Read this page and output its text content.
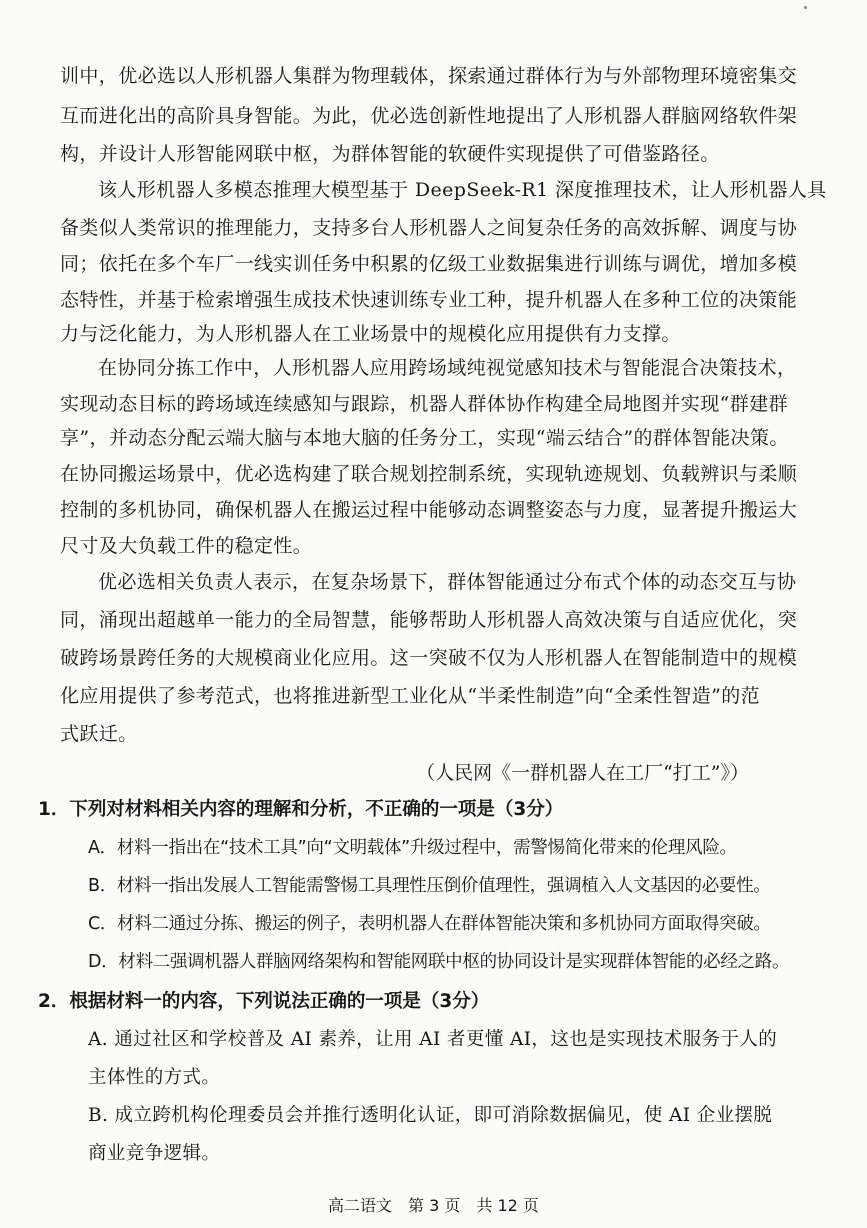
训中，优必选以人形机器人集群为物理载体，探索通过群体行为与外部物理环境密集交
互而进化出的高阶具身智能。为此，优必选创新性地提出了人形机器人群脑网络软件架
构，并设计人形智能网联中枢，为群体智能的软硬件实现提供了可借鉴路径。
该人形机器人多模态推理大模型基于 DeepSeek-R1 深度推理技术，让人形机器人具
备类似人类常识的推理能力，支持多台人形机器人之间复杂任务的高效拆解、调度与协
同；依托在多个车厂一线实训任务中积累的亿级工业数据集进行训练与调优，增加多模
态特性，并基于检索增强生成技术快速训练专业工种，提升机器人在多种工位的决策能
力与泛化能力，为人形机器人在工业场景中的规模化应用提供有力支撑。
在协同分拣工作中，人形机器人应用跨场域纯视觉感知技术与智能混合决策技术，
实现动态目标的跨场域连续感知与跟踪，机器人群体协作构建全局地图并实现“群建群
享”，并动态分配云端大脑与本地大脑的任务分工，实现“端云结合”的群体智能决策。
在协同搬运场景中，优必选构建了联合规划控制系统，实现轨迹规划、负载辨识与柔顺
控制的多机协同，确保机器人在搬运过程中能够动态调整姿态与力度，显著提升搬运大
尺寸及大负载工件的稳定性。
优必选相关负责人表示，在复杂场景下，群体智能通过分布式个体的动态交互与协
同，涌现出超越单一能力的全局智慧，能够帮助人形机器人高效决策与自适应优化，突
破跨场景跨任务的大规模商业化应用。这一突破不仅为人形机器人在智能制造中的规模
化应用提供了参考范式，也将推进新型工业化从“半柔性制造”向“全柔性智造”的范
式跃迁。
（人民网《一群机器人在工厂“打工”》）
1．下列对材料相关内容的理解和分析，不正确的一项是（3分）
A．材料一指出在“技术工具”向“文明载体”升级过程中，需警惕简化带来的伦理风险。
B．材料一指出发展人工智能需警惕工具理性压倒价值理性，强调植入人文基因的必要性。
C．材料二通过分拣、搬运的例子，表明机器人在群体智能决策和多机协同方面取得突破。
D．材料二强调机器人群脑网络架构和智能网联中枢的协同设计是实现群体智能的必经之路。
2．根据材料一的内容，下列说法正确的一项是（3分）
A. 通过社区和学校普及 AI 素养，让用 AI 者更懂 AI，这也是实现技术服务于人的
主体性的方式。
B. 成立跨机构伦理委员会并推行透明化认证，即可消除数据偏见，使 AI 企业摆脱
商业竞争逻辑。
高二语文　第 3 页　共 12 页
